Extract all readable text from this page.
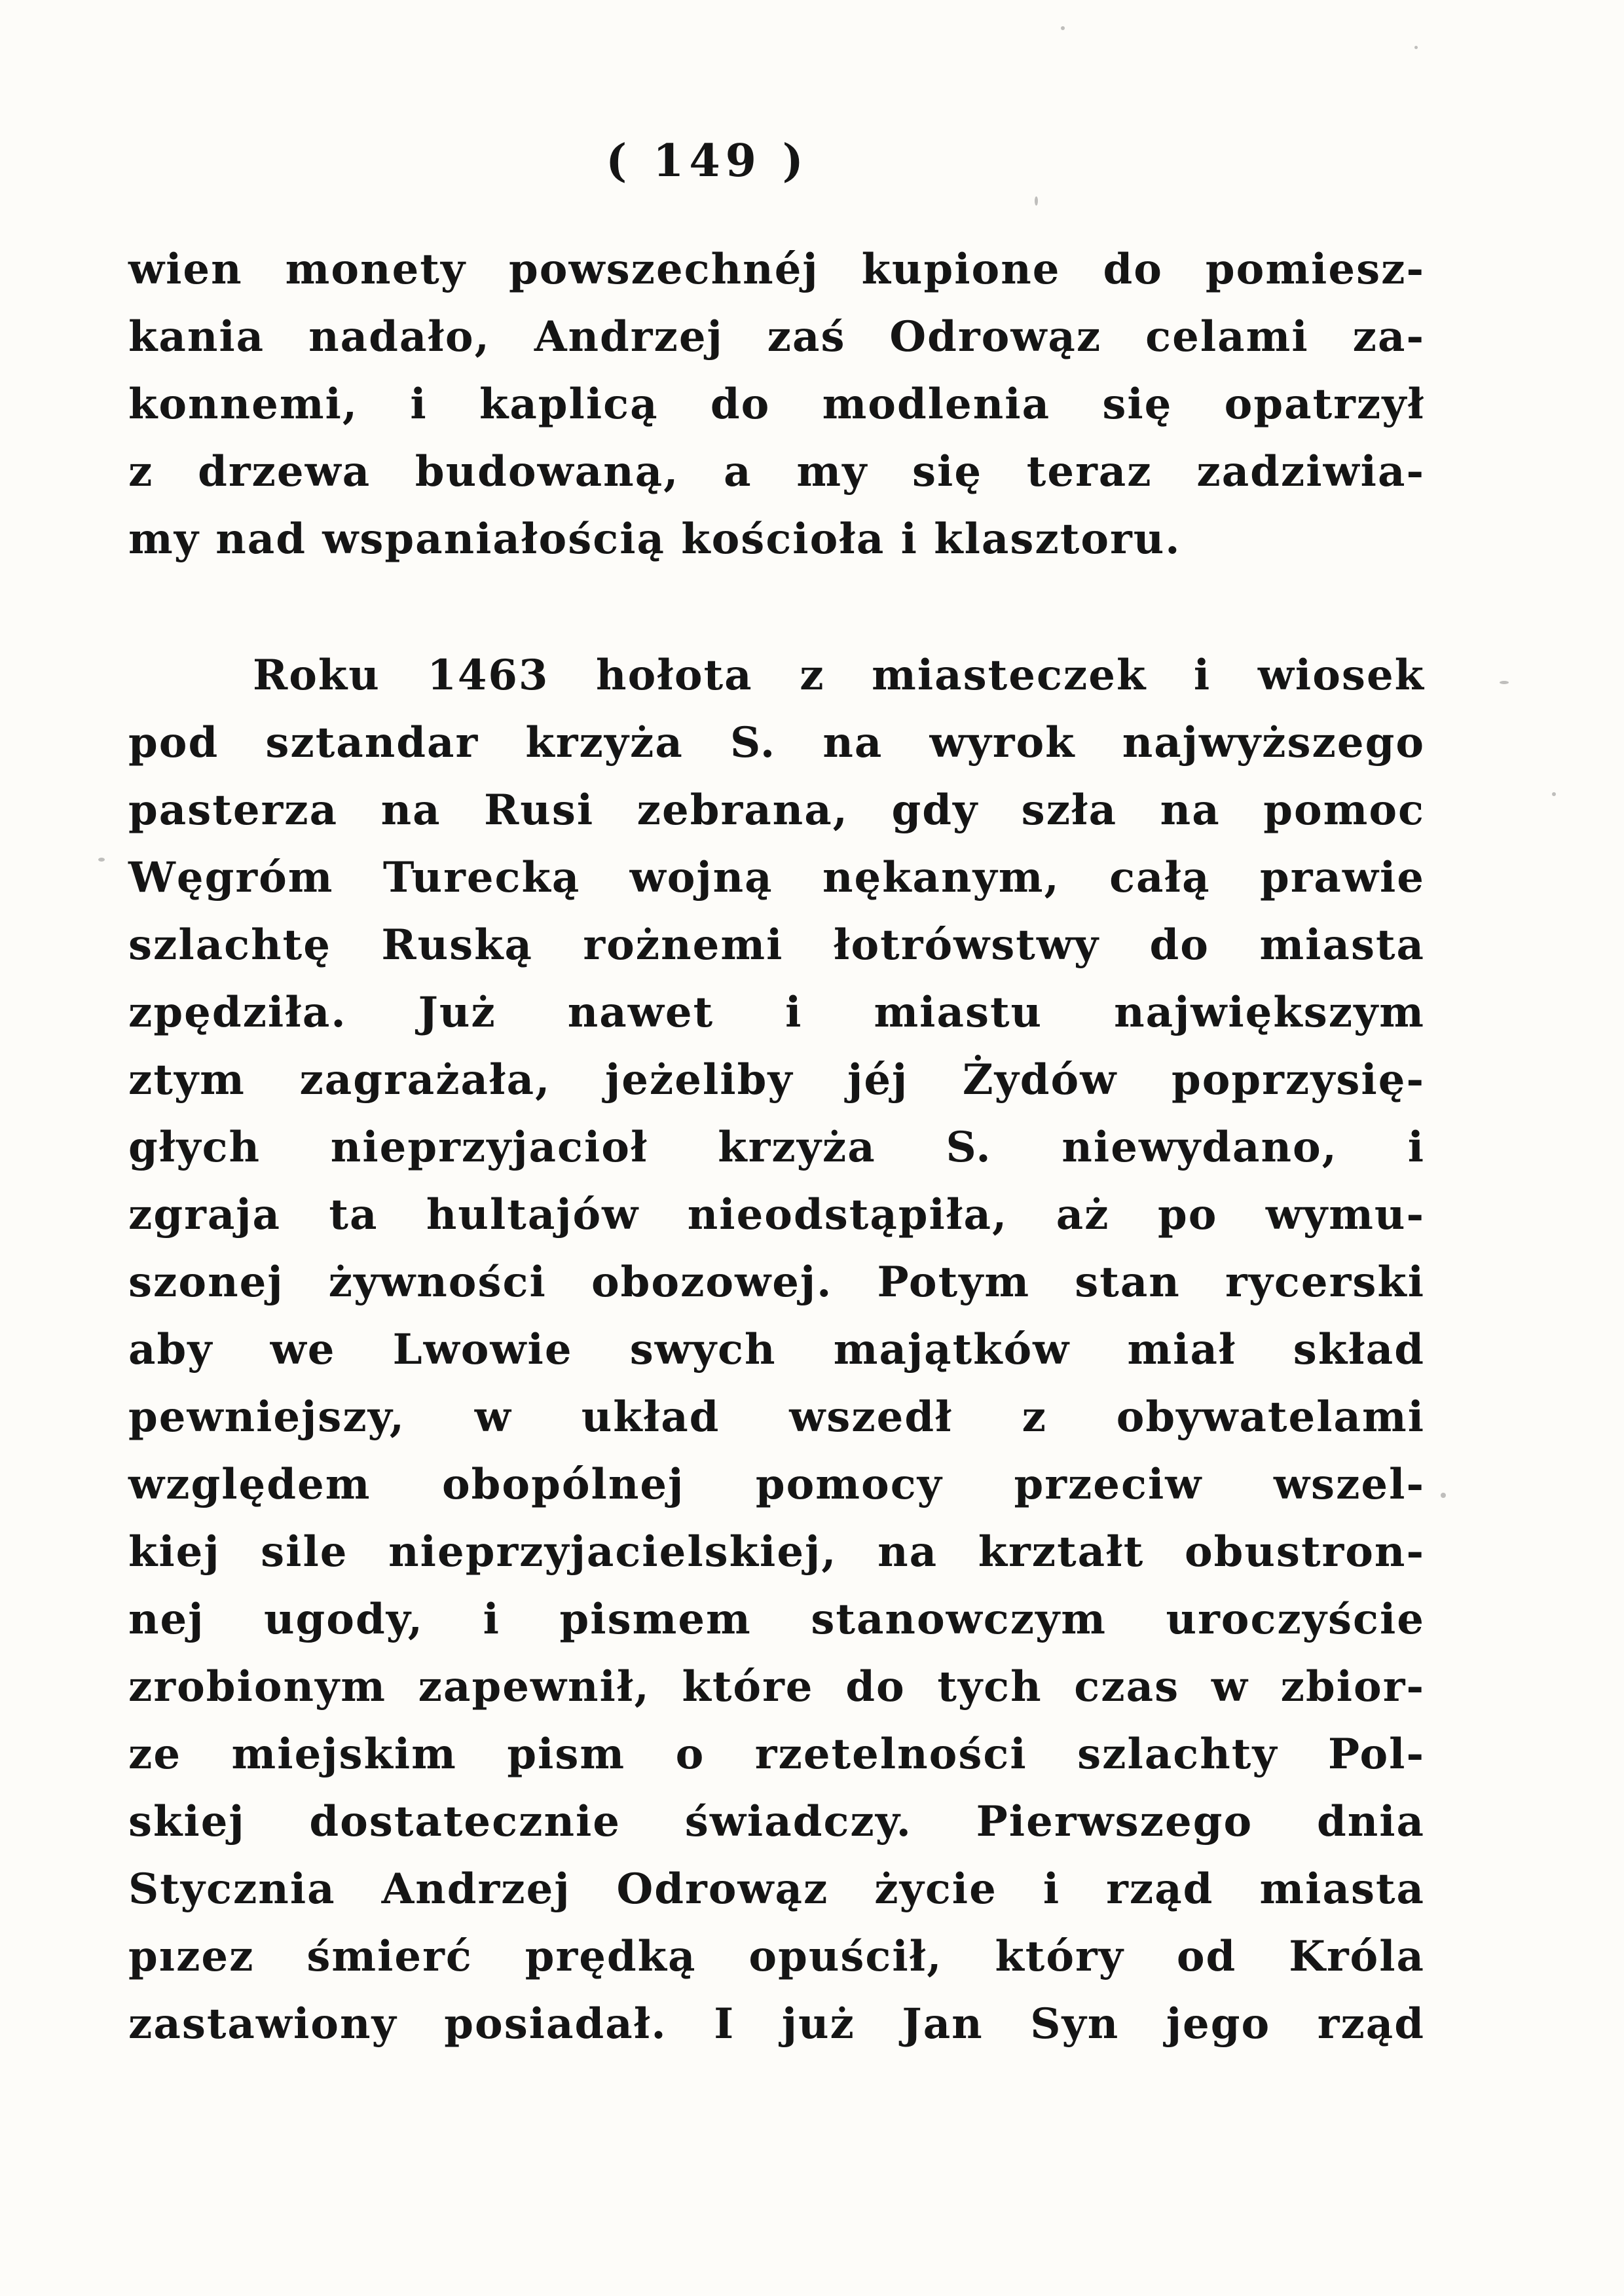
( 149 )
wien monety powszechnéj kupione do pomiesz-
kania nadało, Andrzej zaś Odrowąz celami za-
konnemi, i kaplicą do modlenia się opatrzył
z drzewa budowaną, a my się teraz zadziwia-
my nad wspaniałością kościoła i klasztoru.
Roku 1463 hołota z miasteczek i wiosek
pod sztandar krzyża S. na wyrok najwyższego
pasterza na Rusi zebrana, gdy szła na pomoc
Węgróm Turecką wojną nękanym, całą prawie
szlachtę Ruską rożnemi łotrówstwy do miasta
zpędziła. Już nawet i miastu największym
ztym zagrażała, jeżeliby jéj Żydów poprzysię-
głych nieprzyjacioł krzyża S. niewydano, i
zgraja ta hultajów nieodstąpiła, aż po wymu-
szonej żywności obozowej. Potym stan rycerski
aby we Lwowie swych majątków miał skład
pewniejszy, w układ wszedł z obywatelami
względem obopólnej pomocy przeciw wszel-
kiej sile nieprzyjacielskiej, na krztałt obustron-
nej ugody, i pismem stanowczym uroczyście
zrobionym zapewnił, które do tych czas w zbior-
ze miejskim pism o rzetelności szlachty Pol-
skiej dostatecznie świadczy. Pierwszego dnia
Stycznia Andrzej Odrowąz życie i rząd miasta
pızez śmierć prędką opuścił, który od Króla
zastawiony posiadał. I już Jan Syn jego rząd
